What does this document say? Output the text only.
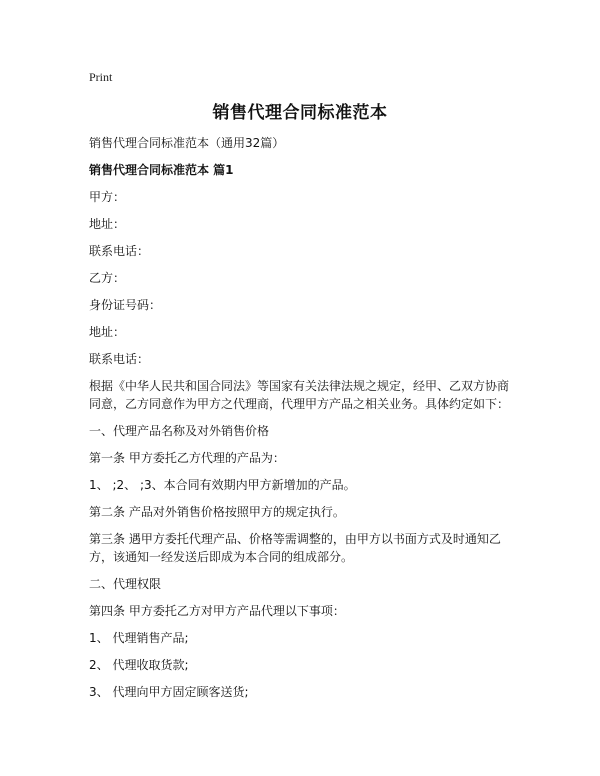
Print
销售代理合同标准范本

销售代理合同标准范本（通用32篇）

销售代理合同标准范本 篇1

甲方：

地址：

联系电话：

乙方：

身份证号码：

地址：

联系电话：

根据《中华人民共和国合同法》等国家有关法律法规之规定，经甲、乙双方协商同意，乙方同意作为甲方之代理商，代理甲方产品之相关业务。具体约定如下：

一、代理产品名称及对外销售价格

第一条 甲方委托乙方代理的产品为：

1、 ;2、 ;3、本合同有效期内甲方新增加的产品。

第二条 产品对外销售价格按照甲方的规定执行。

第三条 遇甲方委托代理产品、价格等需调整的，由甲方以书面方式及时通知乙方，该通知一经发送后即成为本合同的组成部分。

二、代理权限

第四条 甲方委托乙方对甲方产品代理以下事项：

1、 代理销售产品;

2、 代理收取货款;

3、 代理向甲方固定顾客送货;
